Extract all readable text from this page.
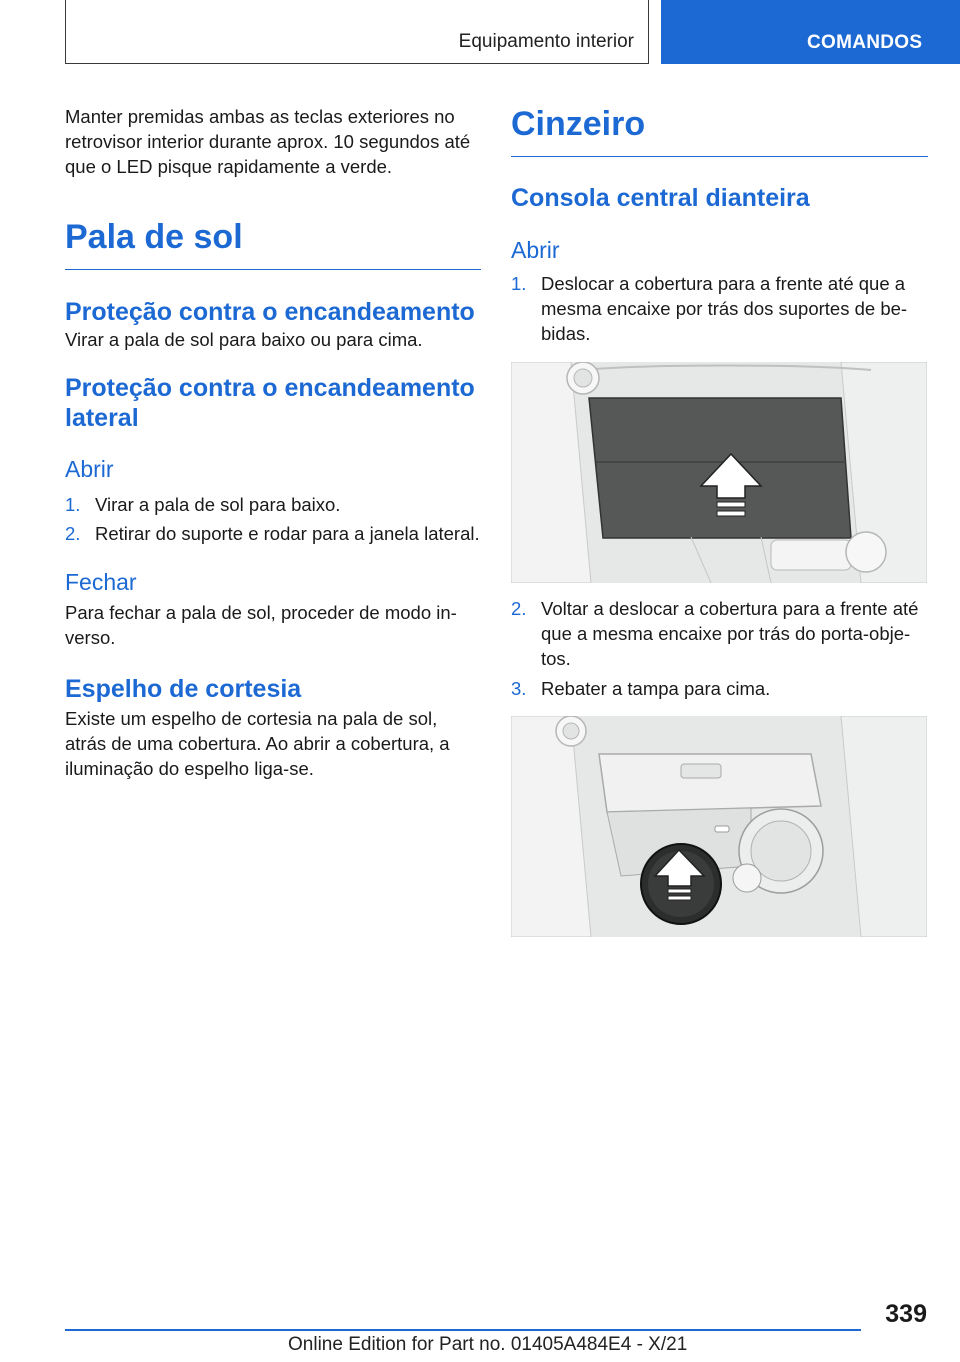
Equipamento interior	COMANDOS

Manter premidas ambas as teclas exteriores no retrovisor interior durante aprox. 10 segundos até que o LED pisque rapidamente a verde.

Pala de sol
Proteção contra o encandeamento

Virar a pala de sol para baixo ou para cima.

Proteção contra o encandeamento lateral
Abrir
1. Virar a pala de sol para baixo.
2. Retirar do suporte e rodar para a janela lateral.
Fechar

Para fechar a pala de sol, proceder de modo in‐verso.

Espelho de cortesia

Existe um espelho de cortesia na pala de sol, atrás de uma cobertura. Ao abrir a cobertura, a iluminação do espelho liga-se.

Cinzeiro
Consola central dianteira
Abrir
1. Deslocar a cobertura para a frente até que a mesma encaixe por trás dos suportes de be‐bidas.
2. Voltar a deslocar a cobertura para a frente até que a mesma encaixe por trás do porta-obje‐tos.
3. Rebater a tampa para cima.
339
Online Edition for Part no. 01405A484E4 - X/21
